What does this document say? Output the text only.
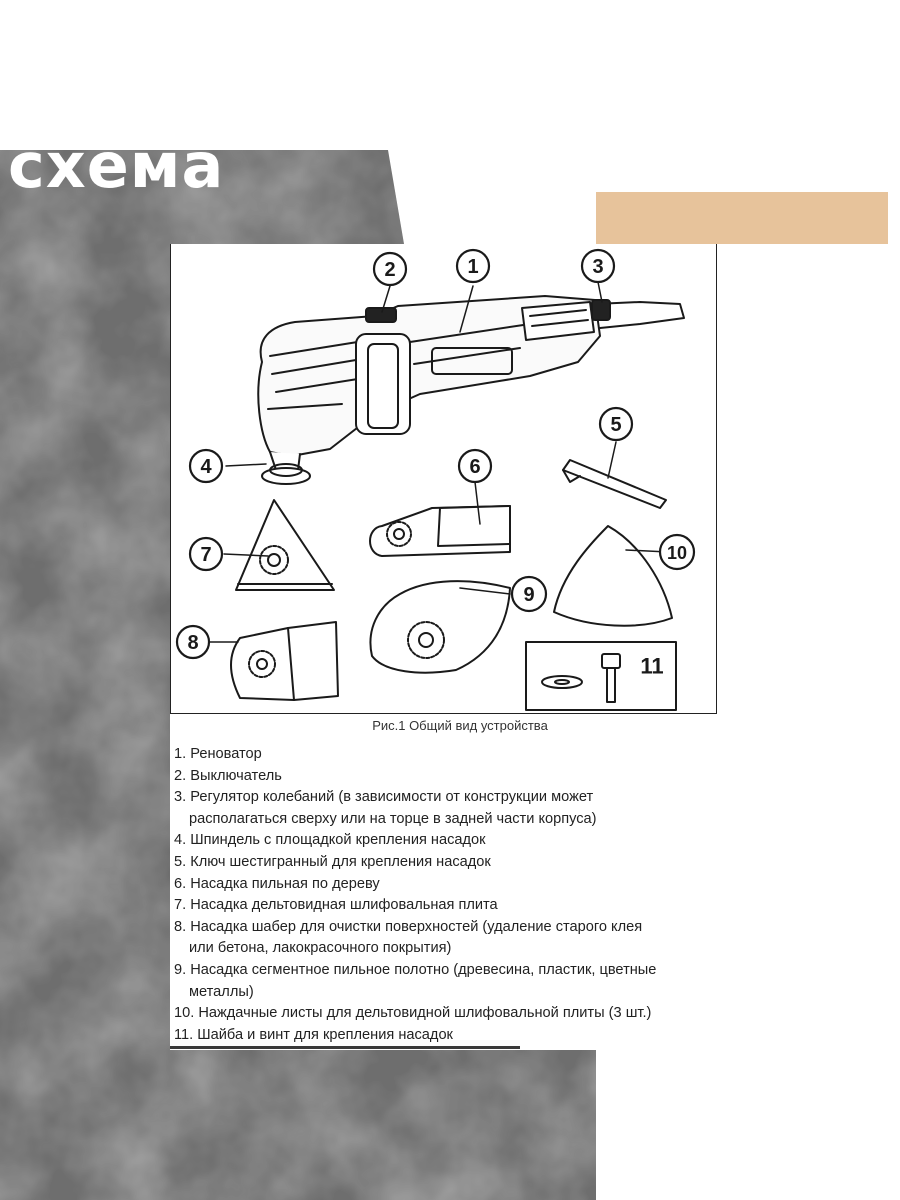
схема
1
2	3
4
5
6
7	10
9
8
11
Рис.1 Общий вид устройства
1. Реноватор
2. Выключатель
3. Регулятор колебаний (в зависимости от конструкции может
располагаться сверху или на торце в задней части корпуса)
4. Шпиндель с площадкой крепления насадок
5. Ключ шестигранный для крепления насадок
6. Насадка пильная по дереву
7. Насадка дельтовидная шлифовальная плита
8. Насадка шабер для очистки поверхностей (удаление старого клея
или бетона, лакокрасочного покрытия)
9. Насадка сегментное пильное полотно (древесина, пластик, цветные
металлы)
10. Наждачные листы для дельтовидной шлифовальной плиты (3 шт.)
11. Шайба и винт для крепления насадок
